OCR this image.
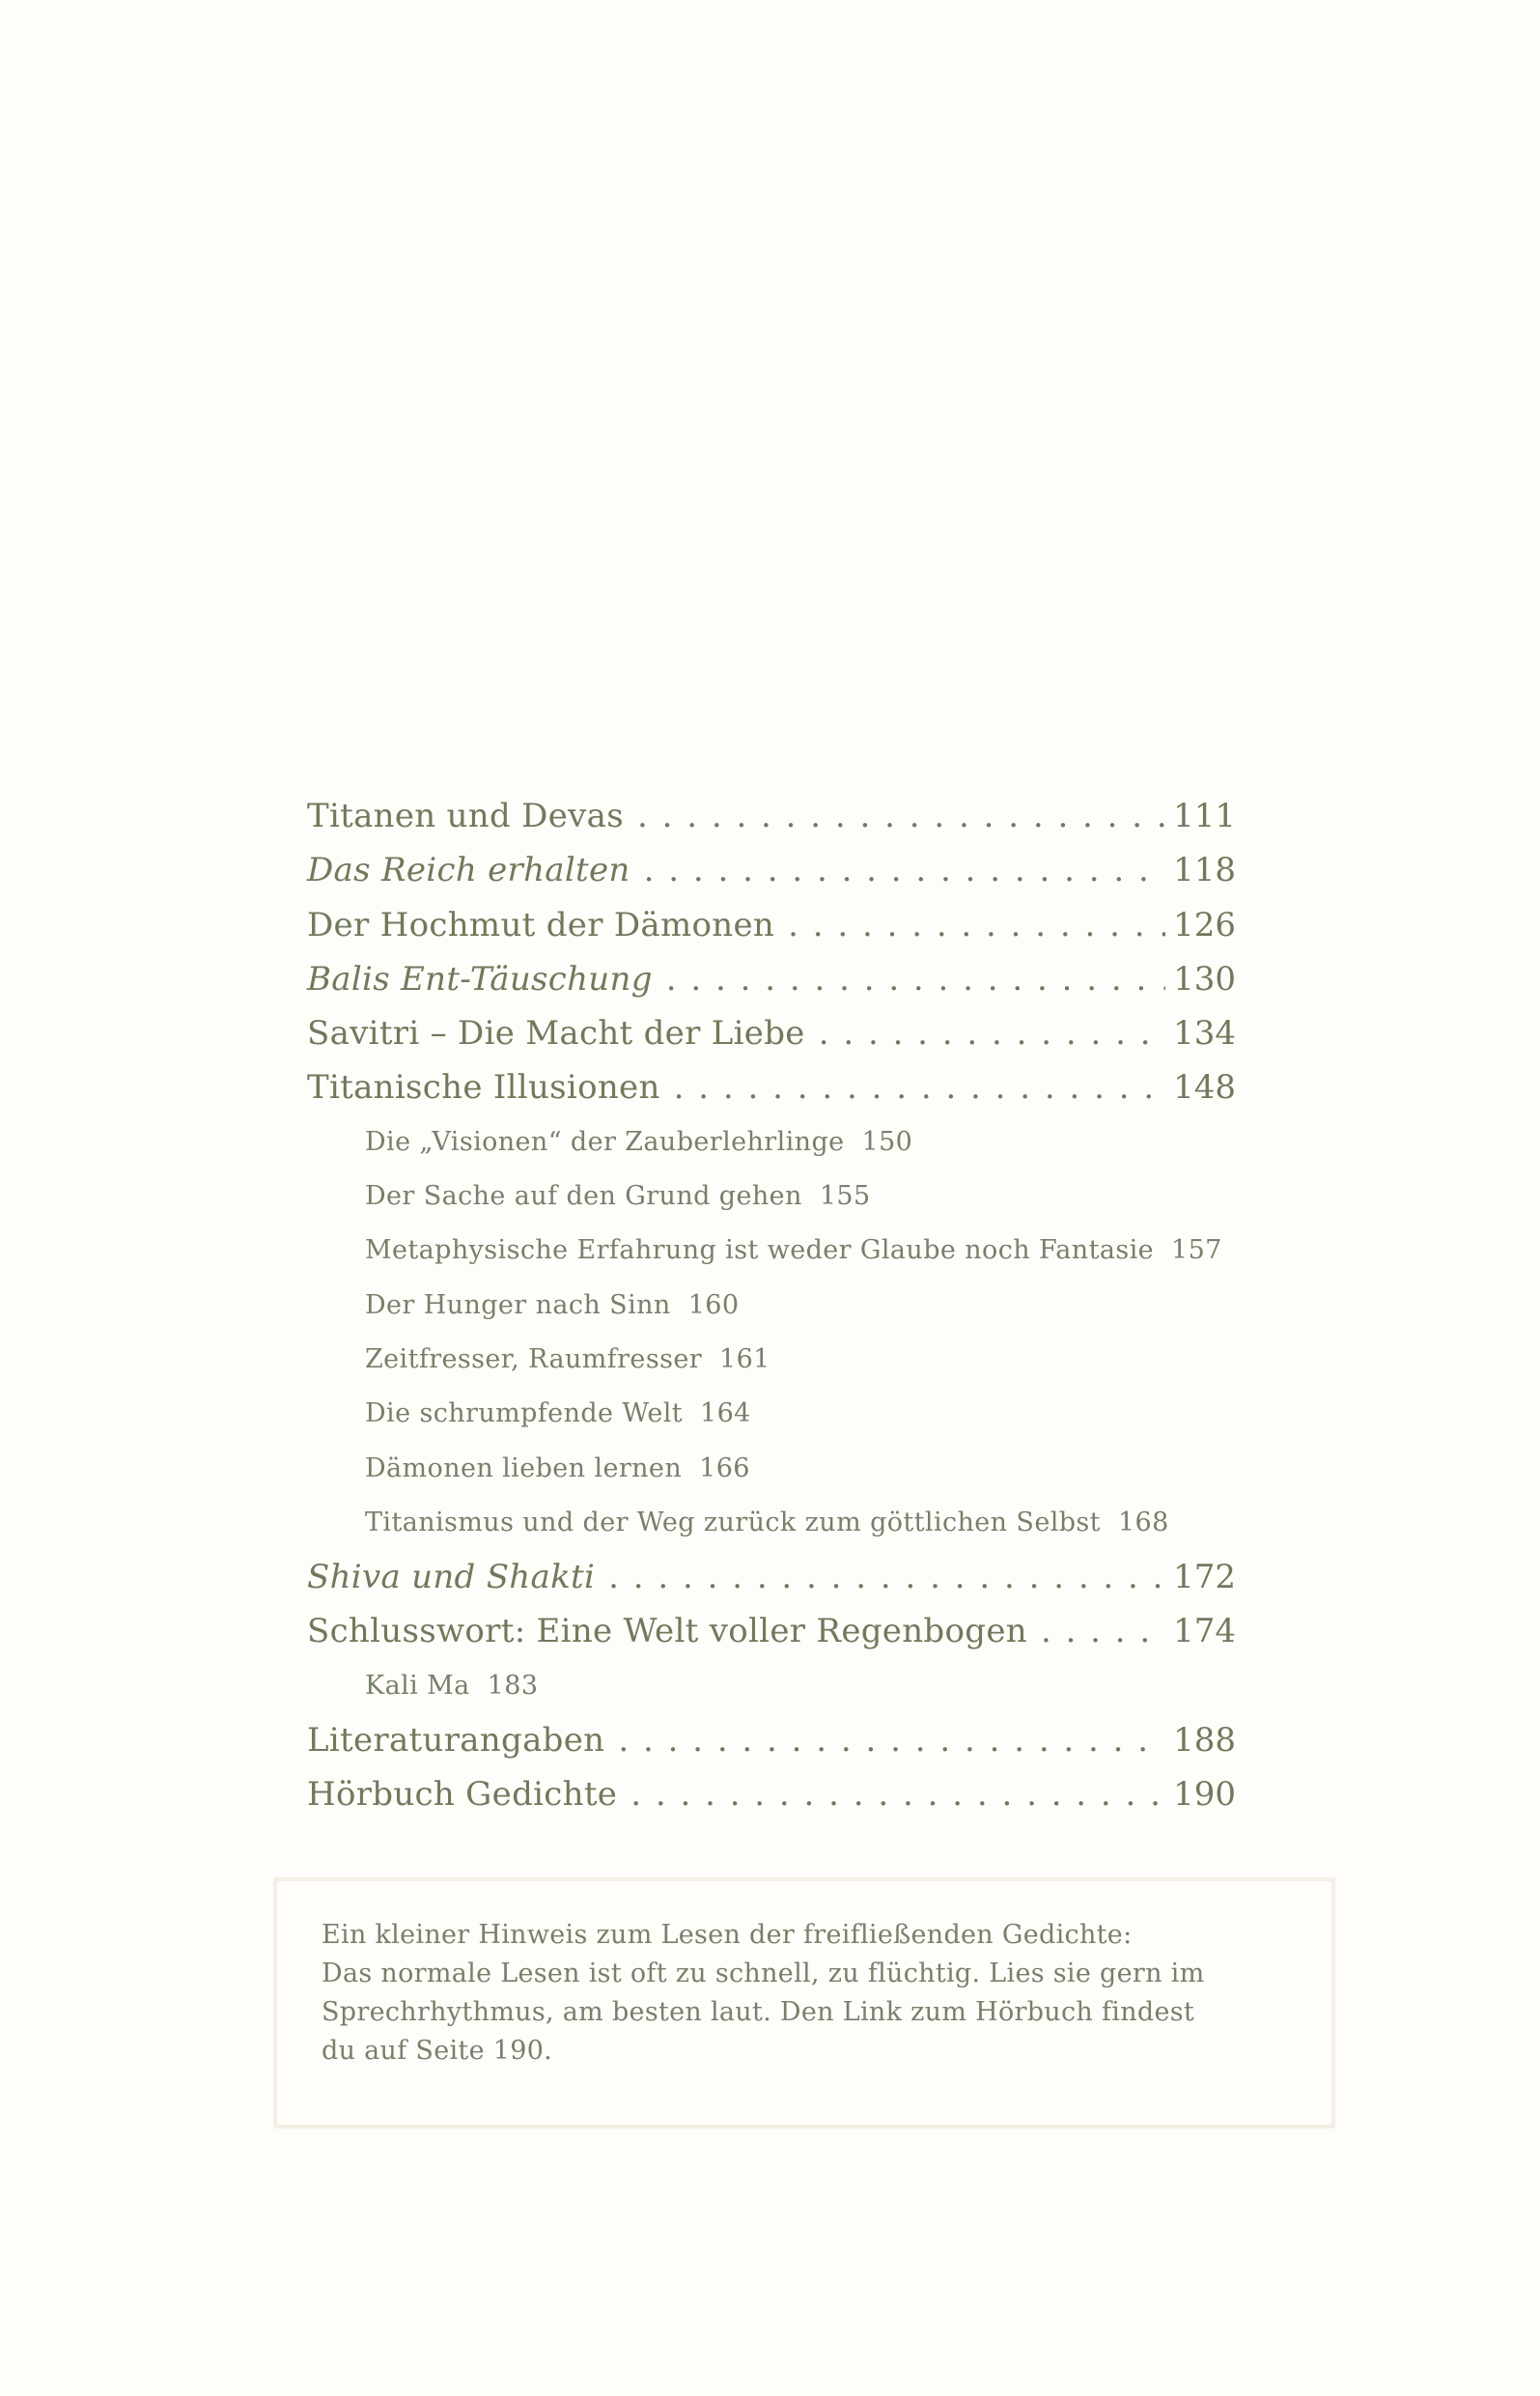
Titanen und Devas . . .	111
Das Reich erhalten . . .	118
Der Hochmut der Dämonen . . .	126
Balis Ent-Täuschung . . .	130
Savitri – Die Macht der Liebe . . .	134
Titanische Illusionen . . .	148
Die „Visionen“ der Zauberlehrlinge 150
Der Sache auf den Grund gehen 155
Metaphysische Erfahrung ist weder Glaube noch Fantasie 157
Der Hunger nach Sinn 160
Zeitfresser, Raumfresser 161
Die schrumpfende Welt 164
Dämonen lieben lernen 166
Titanismus und der Weg zurück zum göttlichen Selbst 168
Shiva und Shakti . . .	172
Schlusswort: Eine Welt voller Regenbogen . . .	174
Kali Ma 183
Literaturangaben . . .	188
Hörbuch Gedichte . . .	190
Ein kleiner Hinweis zum Lesen der freifließenden Gedichte:
Das normale Lesen ist oft zu schnell, zu flüchtig. Lies sie gern im
Sprechrhythmus, am besten laut. Den Link zum Hörbuch findest
du auf Seite 190.
